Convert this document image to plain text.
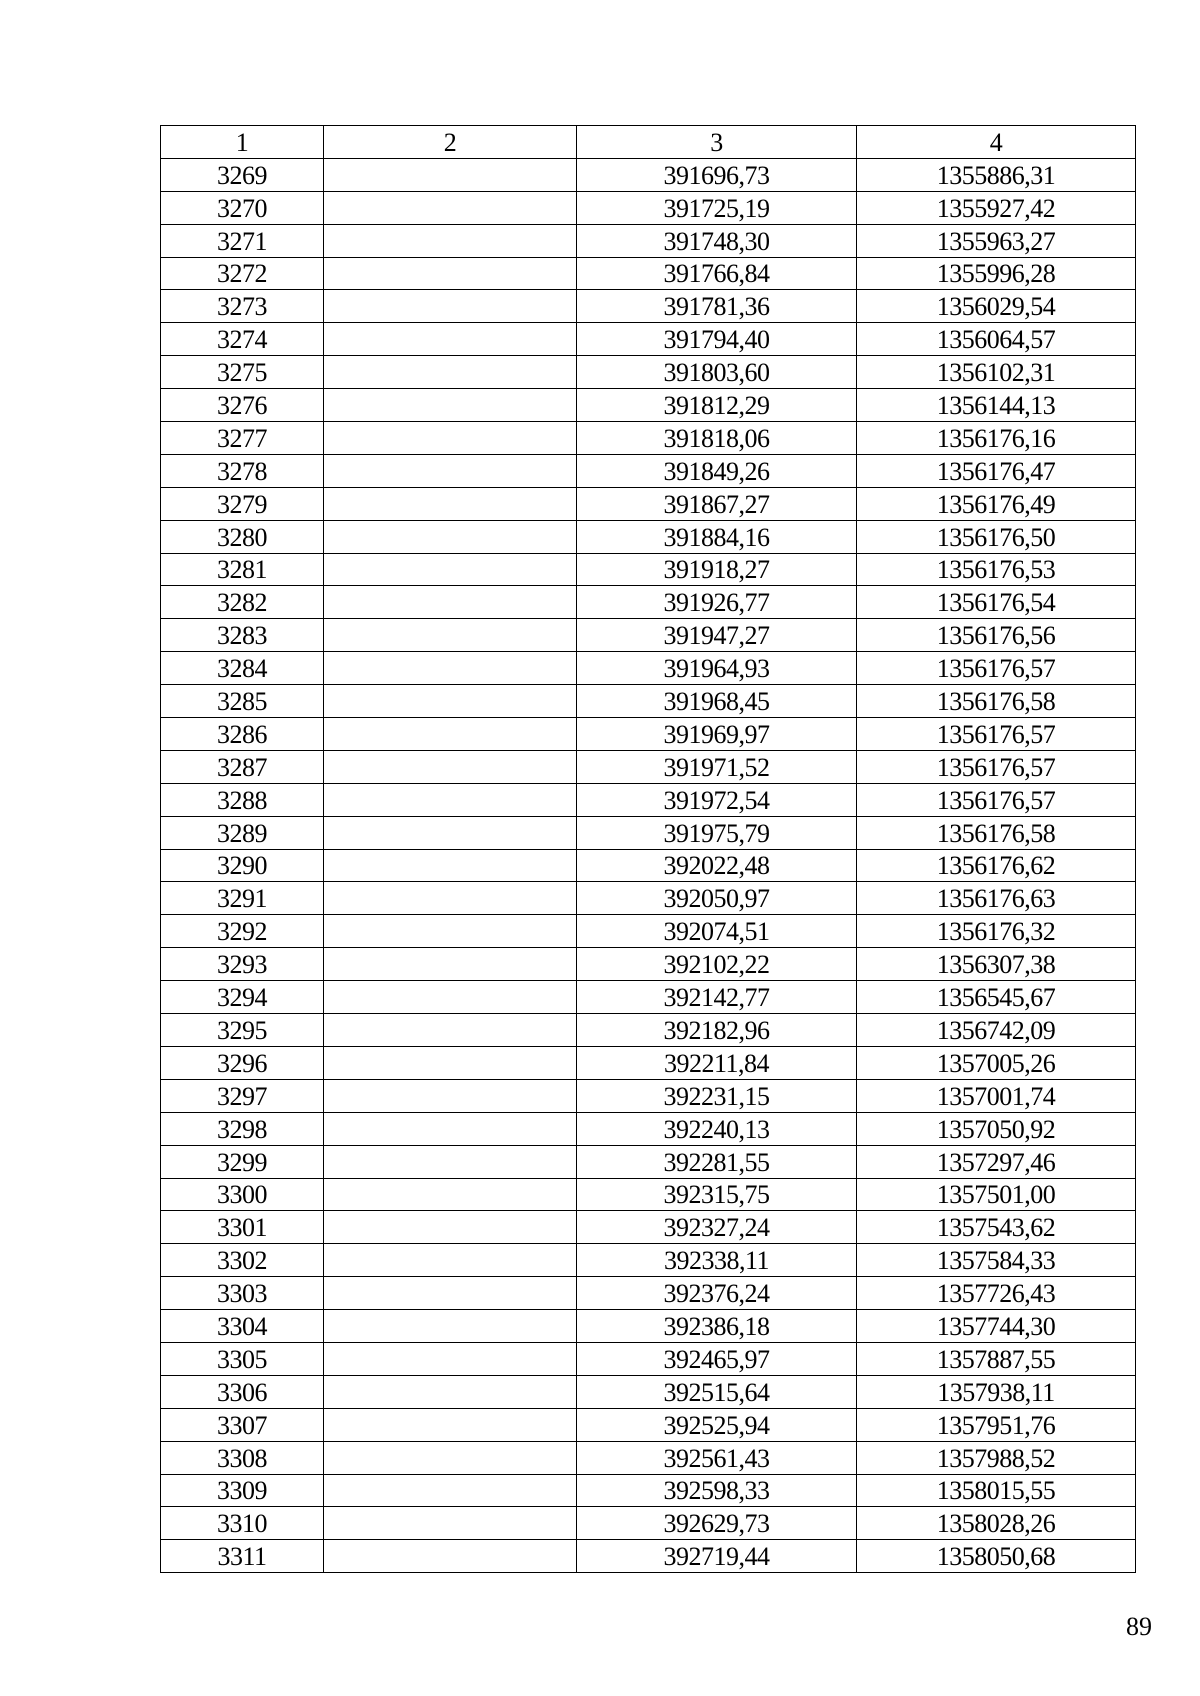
1	2	3	4
3269		391696,73	1355886,31
3270		391725,19	1355927,42
3271		391748,30	1355963,27
3272		391766,84	1355996,28
3273		391781,36	1356029,54
3274		391794,40	1356064,57
3275		391803,60	1356102,31
3276		391812,29	1356144,13
3277		391818,06	1356176,16
3278		391849,26	1356176,47
3279		391867,27	1356176,49
3280		391884,16	1356176,50
3281		391918,27	1356176,53
3282		391926,77	1356176,54
3283		391947,27	1356176,56
3284		391964,93	1356176,57
3285		391968,45	1356176,58
3286		391969,97	1356176,57
3287		391971,52	1356176,57
3288		391972,54	1356176,57
3289		391975,79	1356176,58
3290		392022,48	1356176,62
3291		392050,97	1356176,63
3292		392074,51	1356176,32
3293		392102,22	1356307,38
3294		392142,77	1356545,67
3295		392182,96	1356742,09
3296		392211,84	1357005,26
3297		392231,15	1357001,74
3298		392240,13	1357050,92
3299		392281,55	1357297,46
3300		392315,75	1357501,00
3301		392327,24	1357543,62
3302		392338,11	1357584,33
3303		392376,24	1357726,43
3304		392386,18	1357744,30
3305		392465,97	1357887,55
3306		392515,64	1357938,11
3307		392525,94	1357951,76
3308		392561,43	1357988,52
3309		392598,33	1358015,55
3310		392629,73	1358028,26
3311		392719,44	1358050,68
89
